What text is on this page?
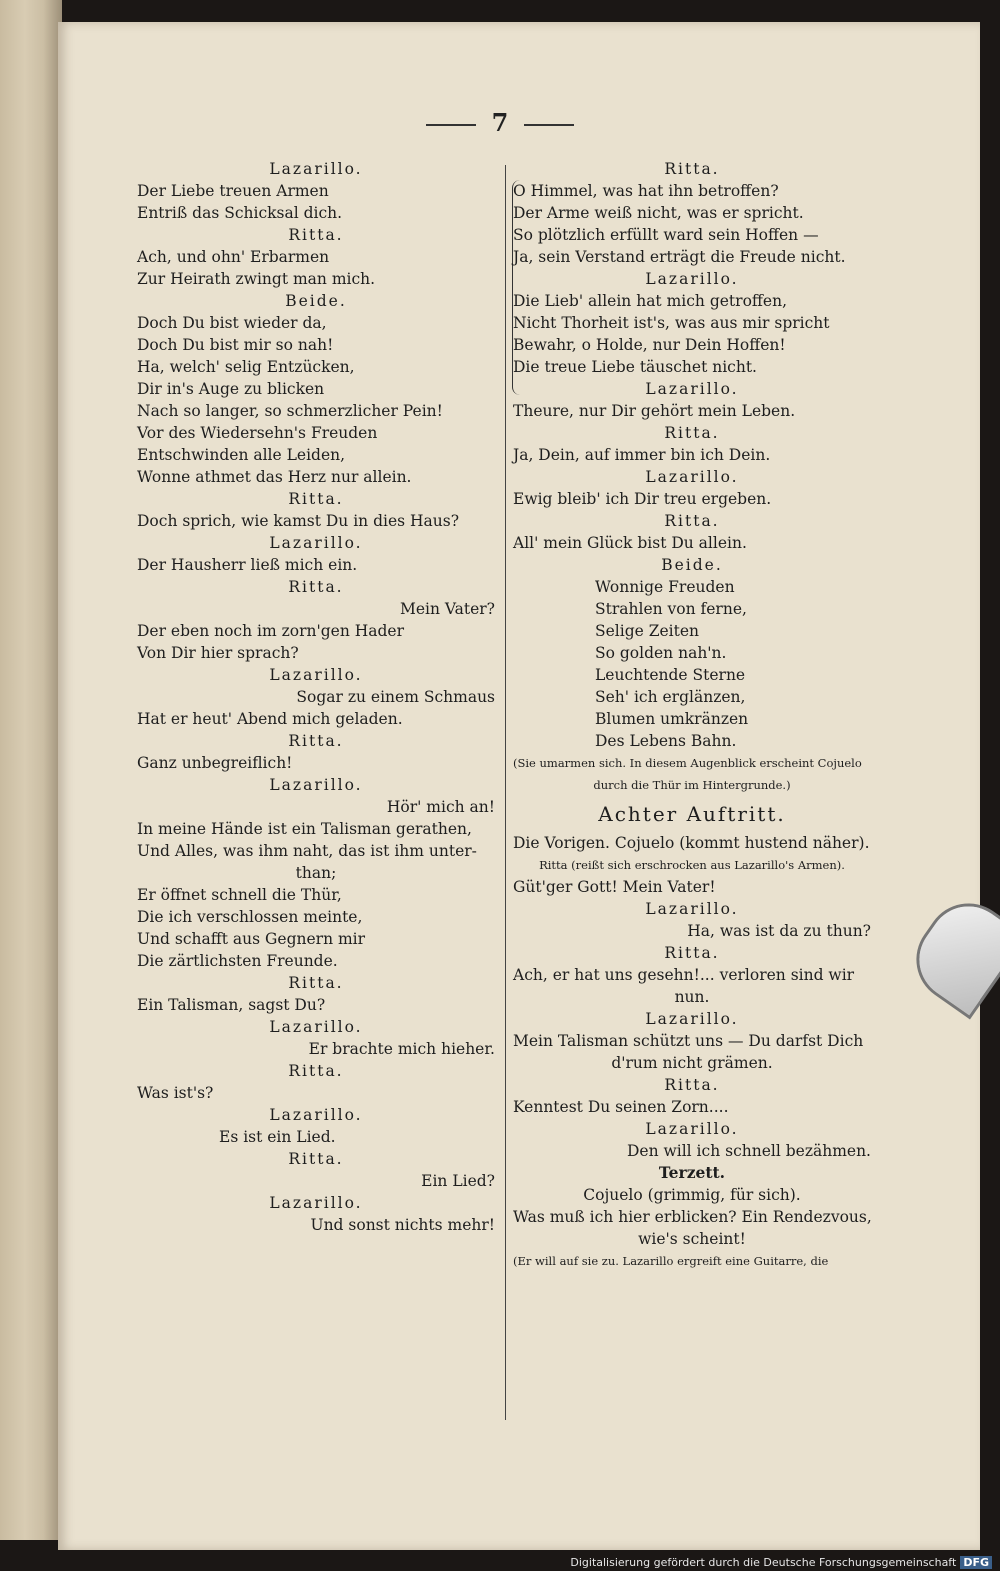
7
Lazarillo.
Der Liebe treuen Armen
Entriß das Schicksal dich.
Ritta.
Ach, und ohn' Erbarmen
Zur Heirath zwingt man mich.
Beide.
Doch Du bist wieder da,
Doch Du bist mir so nah!
Ha, welch' selig Entzücken,
Dir in's Auge zu blicken
Nach so langer, so schmerzlicher Pein!
Vor des Wiedersehn's Freuden
Entschwinden alle Leiden,
Wonne athmet das Herz nur allein.
Ritta.
Doch sprich, wie kamst Du in dies Haus?
Lazarillo.
Der Hausherr ließ mich ein.
Ritta.
Mein Vater?
Der eben noch im zorn'gen Hader
Von Dir hier sprach?
Lazarillo.
Sogar zu einem Schmaus
Hat er heut' Abend mich geladen.
Ritta.
Ganz unbegreiflich!
Lazarillo.
Hör' mich an!
In meine Hände ist ein Talisman gerathen,
Und Alles, was ihm naht, das ist ihm unter-
than;
Er öffnet schnell die Thür,
Die ich verschlossen meinte,
Und schafft aus Gegnern mir
Die zärtlichsten Freunde.
Ritta.
Ein Talisman, sagst Du?
Lazarillo.
Er brachte mich hieher.
Ritta.
Was ist's?
Lazarillo.
Es ist ein Lied.
Ritta.
Ein Lied?
Lazarillo.
Und sonst nichts mehr!
Ritta.
O Himmel, was hat ihn betroffen?
Der Arme weiß nicht, was er spricht.
So plötzlich erfüllt ward sein Hoffen —
Ja, sein Verstand erträgt die Freude nicht.
Lazarillo.
Die Lieb' allein hat mich getroffen,
Nicht Thorheit ist's, was aus mir spricht
Bewahr, o Holde, nur Dein Hoffen!
Die treue Liebe täuschet nicht.
Lazarillo.
Theure, nur Dir gehört mein Leben.
Ritta.
Ja, Dein, auf immer bin ich Dein.
Lazarillo.
Ewig bleib' ich Dir treu ergeben.
Ritta.
All' mein Glück bist Du allein.
Beide.
Wonnige Freuden
Strahlen von ferne,
Selige Zeiten
So golden nah'n.
Leuchtende Sterne
Seh' ich erglänzen,
Blumen umkränzen
Des Lebens Bahn.
(Sie umarmen sich. In diesem Augenblick erscheint Cojuelo
durch die Thür im Hintergrunde.)
Achter Auftritt.
Die Vorigen. Cojuelo (kommt hustend näher).
Ritta (reißt sich erschrocken aus Lazarillo's Armen).
Güt'ger Gott! Mein Vater!
Lazarillo.
Ha, was ist da zu thun?
Ritta.
Ach, er hat uns gesehn!... verloren sind wir
nun.
Lazarillo.
Mein Talisman schützt uns — Du darfst Dich
d'rum nicht grämen.
Ritta.
Kenntest Du seinen Zorn....
Lazarillo.
Den will ich schnell bezähmen.
Terzett.
Cojuelo (grimmig, für sich).
Was muß ich hier erblicken? Ein Rendezvous,
wie's scheint!
(Er will auf sie zu. Lazarillo ergreift eine Guitarre, die
Digitalisierung gefördert durch die Deutsche Forschungsgemeinschaft DFG
